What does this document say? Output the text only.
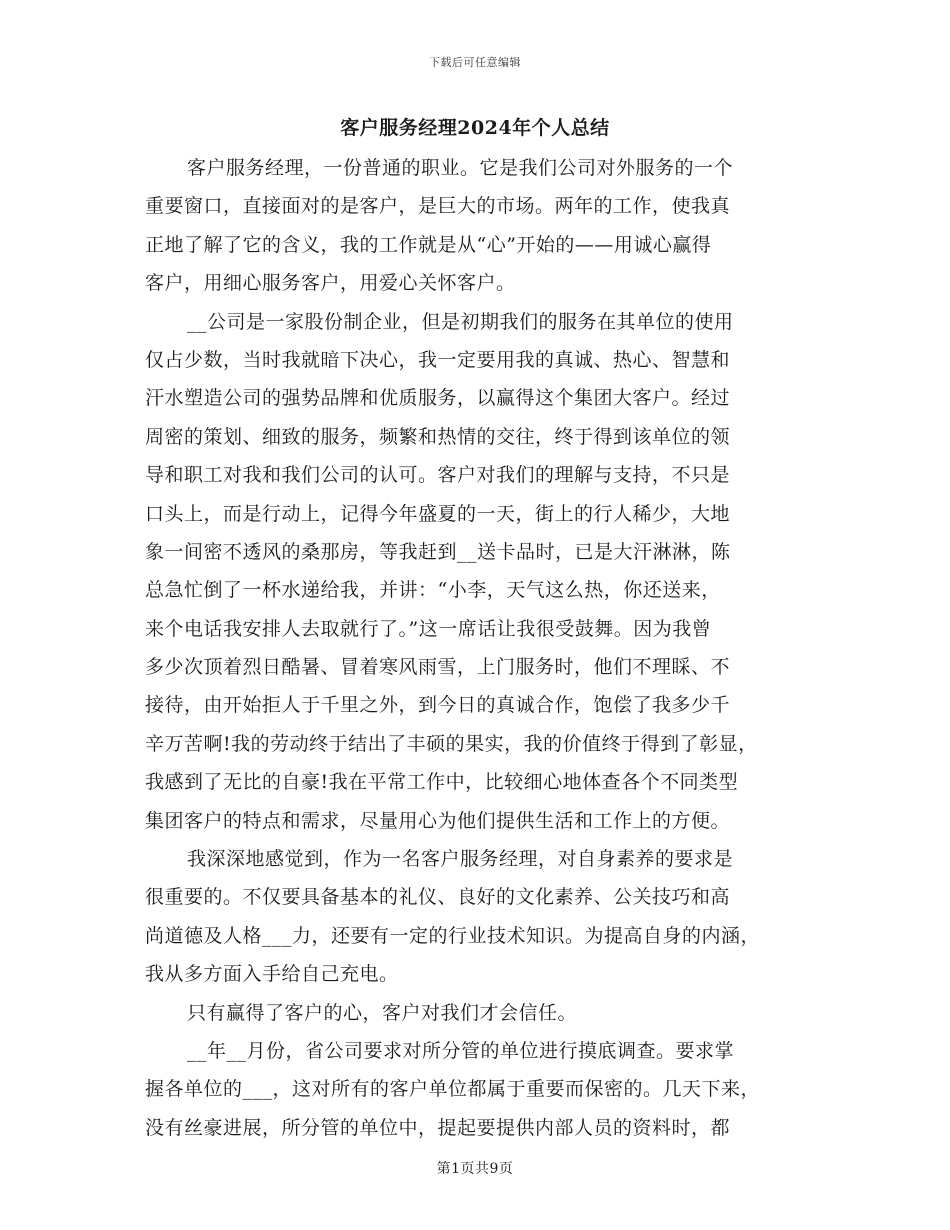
下载后可任意编辑
客户服务经理2024年个人总结
客户服务经理，一份普通的职业。它是我们公司对外服务的一个
重要窗口，直接面对的是客户，是巨大的市场。两年的工作，使我真
正地了解了它的含义，我的工作就是从“心”开始的——用诚心赢得
客户，用细心服务客户，用爱心关怀客户。
__公司是一家股份制企业，但是初期我们的服务在其单位的使用
仅占少数，当时我就暗下决心，我一定要用我的真诚、热心、智慧和
汗水塑造公司的强势品牌和优质服务，以赢得这个集团大客户。经过
周密的策划、细致的服务，频繁和热情的交往，终于得到该单位的领
导和职工对我和我们公司的认可。客户对我们的理解与支持，不只是
口头上，而是行动上，记得今年盛夏的一天，街上的行人稀少，大地
象一间密不透风的桑那房，等我赶到__送卡品时，已是大汗淋淋，陈
总急忙倒了一杯水递给我，并讲：“小李，天气这么热，你还送来，
来个电话我安排人去取就行了。”这一席话让我很受鼓舞。因为我曾
多少次顶着烈日酷暑、冒着寒风雨雪，上门服务时，他们不理睬、不
接待，由开始拒人于千里之外，到今日的真诚合作，饱偿了我多少千
辛万苦啊!我的劳动终于结出了丰硕的果实，我的价值终于得到了彰显，
我感到了无比的自豪!我在平常工作中，比较细心地体查各个不同类型
集团客户的特点和需求，尽量用心为他们提供生活和工作上的方便。
我深深地感觉到，作为一名客户服务经理，对自身素养的要求是
很重要的。不仅要具备基本的礼仪、良好的文化素养、公关技巧和高
尚道德及人格___力，还要有一定的行业技术知识。为提高自身的内涵，
我从多方面入手给自己充电。
只有赢得了客户的心，客户对我们才会信任。
__年__月份，省公司要求对所分管的单位进行摸底调查。要求掌
握各单位的___，这对所有的客户单位都属于重要而保密的。几天下来，
没有丝豪进展，所分管的单位中，提起要提供内部人员的资料时，都
第1页共9页
